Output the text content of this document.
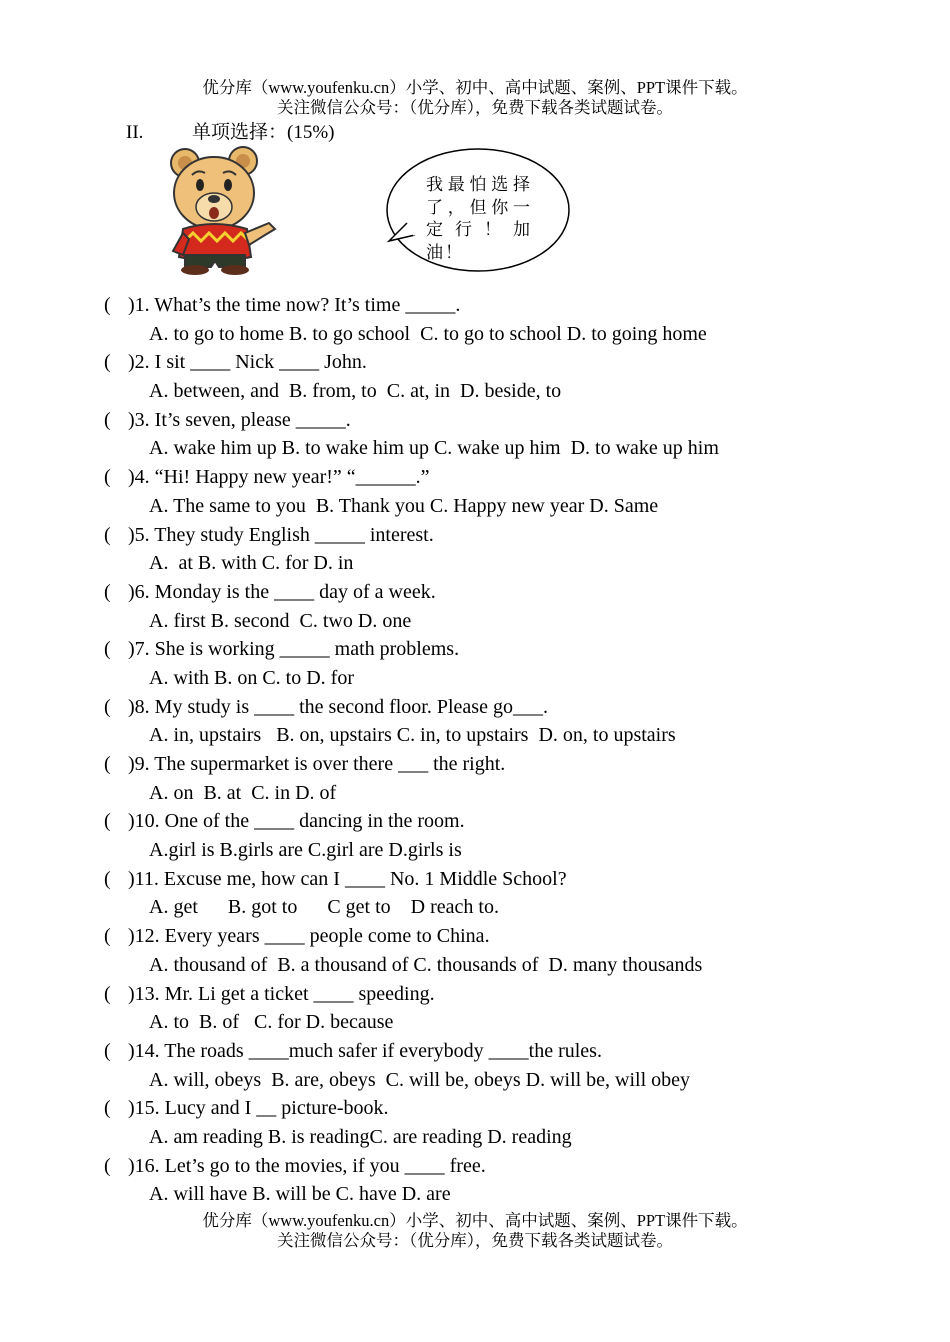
优分库（www.youfenku.cn）小学、初中、高中试题、案例、PPT课件下载。
关注微信公众号：（优分库），免费下载各类试题试卷。
II.	单项选择：(15%)
我最怕选择了，但你一定 行 ！ 加油！
( )1. What’s the time now? It’s time _____.
A. to go to home B. to go school  C. to go to school D. to going home
( )2. I sit ____ Nick ____ John.
A. between, and  B. from, to  C. at, in  D. beside, to
( )3. It’s seven, please _____.
A. wake him up B. to wake him up C. wake up him  D. to wake up him
( )4. “Hi! Happy new year!” “______.”
A. The same to you  B. Thank you C. Happy new year D. Same
( )5. They study English _____ interest.
A.  at B. with C. for D. in
( )6. Monday is the ____ day of a week.
A. first B. second  C. two D. one
( )7. She is working _____ math problems.
A. with B. on C. to D. for
( )8. My study is ____ the second floor. Please go___.
A. in, upstairs   B. on, upstairs C. in, to upstairs  D. on, to upstairs
( )9. The supermarket is over there ___ the right.
A. on  B. at  C. in D. of
( )10. One of the ____ dancing in the room.
A.girl is B.girls are C.girl are D.girls is
( )11. Excuse me, how can I ____ No. 1 Middle School?
A. get      B. got to      C get to    D reach to.
( )12. Every years ____ people come to China.
A. thousand of  B. a thousand of C. thousands of  D. many thousands
( )13. Mr. Li get a ticket ____ speeding.
A. to  B. of   C. for D. because
( )14. The roads ____much safer if everybody ____the rules.
A. will, obeys  B. are, obeys  C. will be, obeys D. will be, will obey
( )15. Lucy and I __ picture-book.
A. am reading B. is readingC. are reading D. reading
( )16. Let’s go to the movies, if you ____ free.
A. will have B. will be C. have D. are
优分库（www.youfenku.cn）小学、初中、高中试题、案例、PPT课件下载。
关注微信公众号：（优分库），免费下载各类试题试卷。
